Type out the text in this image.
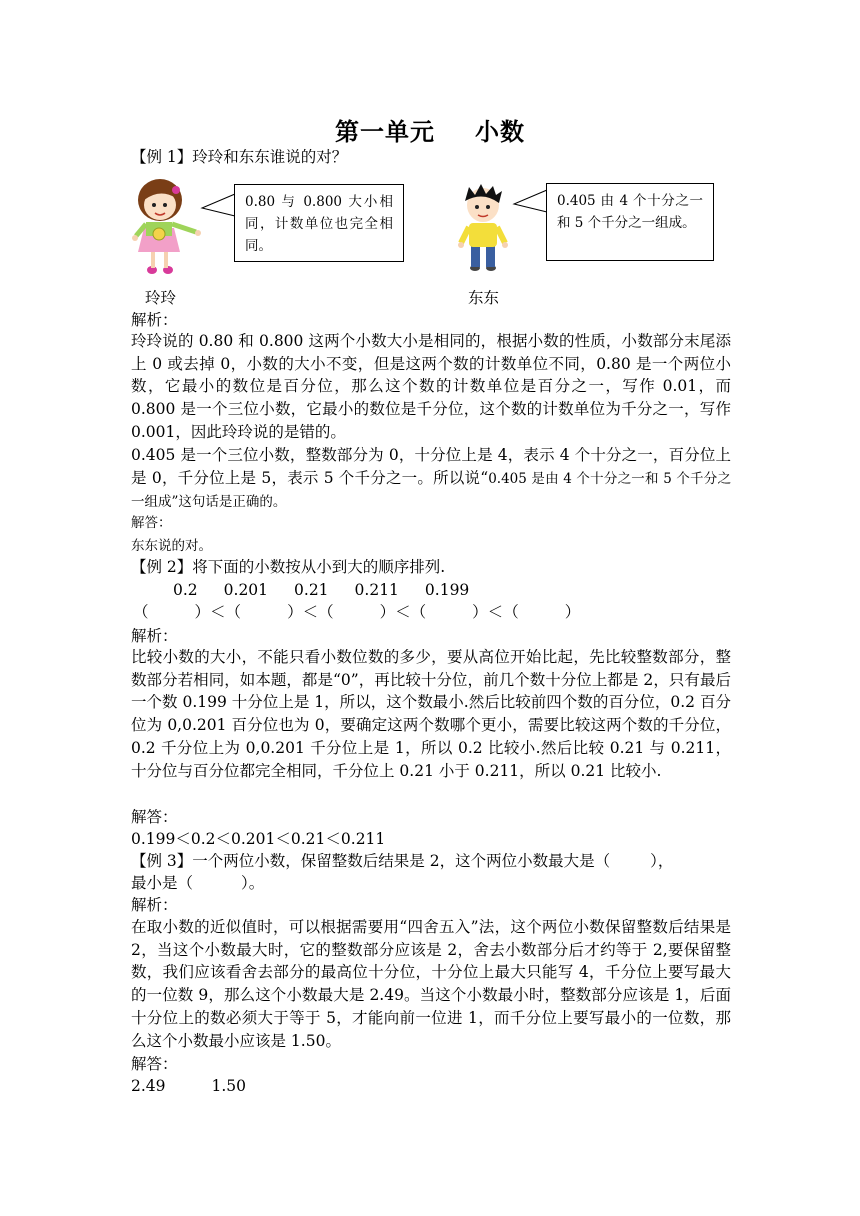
第一单元 小数
【例 1】玲玲和东东谁说的对？
玲玲
0.80 与 0.800 大小相同，计数单位也完全相同。
东东
0.405 由 4 个十分之一和 5 个千分之一组成。
解析：
玲玲说的 0.80 和 0.800 这两个小数大小是相同的，根据小数的性质，小数部分末尾添上 0 或去掉 0，小数的大小不变，但是这两个数的计数单位不同，0.80 是一个两位小数，它最小的数位是百分位，那么这个数的计数单位是百分之一，写作 0.01，而 0.800 是一个三位小数，它最小的数位是千分位，这个数的计数单位为千分之一，写作 0.001，因此玲玲说的是错的。
0.405 是一个三位小数，整数部分为 0，十分位上是 4，表示 4 个十分之一，百分位上是 0，千分位上是 5，表示 5 个千分之一。所以说“0.405 是由 4 个十分之一和 5 个千分之一组成”这句话是正确的。
解答：
东东说的对。
【例 2】将下面的小数按从小到大的顺序排列.
0.2 0.201 0.21 0.211 0.199
（	）＜（	）＜（	）＜（	）＜（	）
解析：
比较小数的大小，不能只看小数位数的多少，要从高位开始比起，先比较整数部分，整数部分若相同，如本题，都是“0”，再比较十分位，前几个数十分位上都是 2，只有最后一个数 0.199 十分位上是 1，所以，这个数最小.然后比较前四个数的百分位，0.2 百分位为 0,0.201 百分位也为 0，要确定这两个数哪个更小，需要比较这两个数的千分位，0.2 千分位上为 0,0.201 千分位上是 1，所以 0.2 比较小.然后比较 0.21 与 0.211，十分位与百分位都完全相同，千分位上 0.21 小于 0.211，所以 0.21 比较小.
解答：
0.199＜0.2＜0.201＜0.21＜0.211
【例 3】一个两位小数，保留整数后结果是 2，这个两位小数最大是（	），
最小是（	）。
解析：
在取小数的近似值时，可以根据需要用“四舍五入”法，这个两位小数保留整数后结果是 2，当这个小数最大时，它的整数部分应该是 2，舍去小数部分后才约等于 2,要保留整数，我们应该看舍去部分的最高位十分位，十分位上最大只能写 4，千分位上要写最大的一位数 9，那么这个小数最大是 2.49。当这个小数最小时，整数部分应该是 1，后面十分位上的数必须大于等于 5，才能向前一位进 1，而千分位上要写最小的一位数，那么这个小数最小应该是 1.50。
解答：
2.49	1.50
